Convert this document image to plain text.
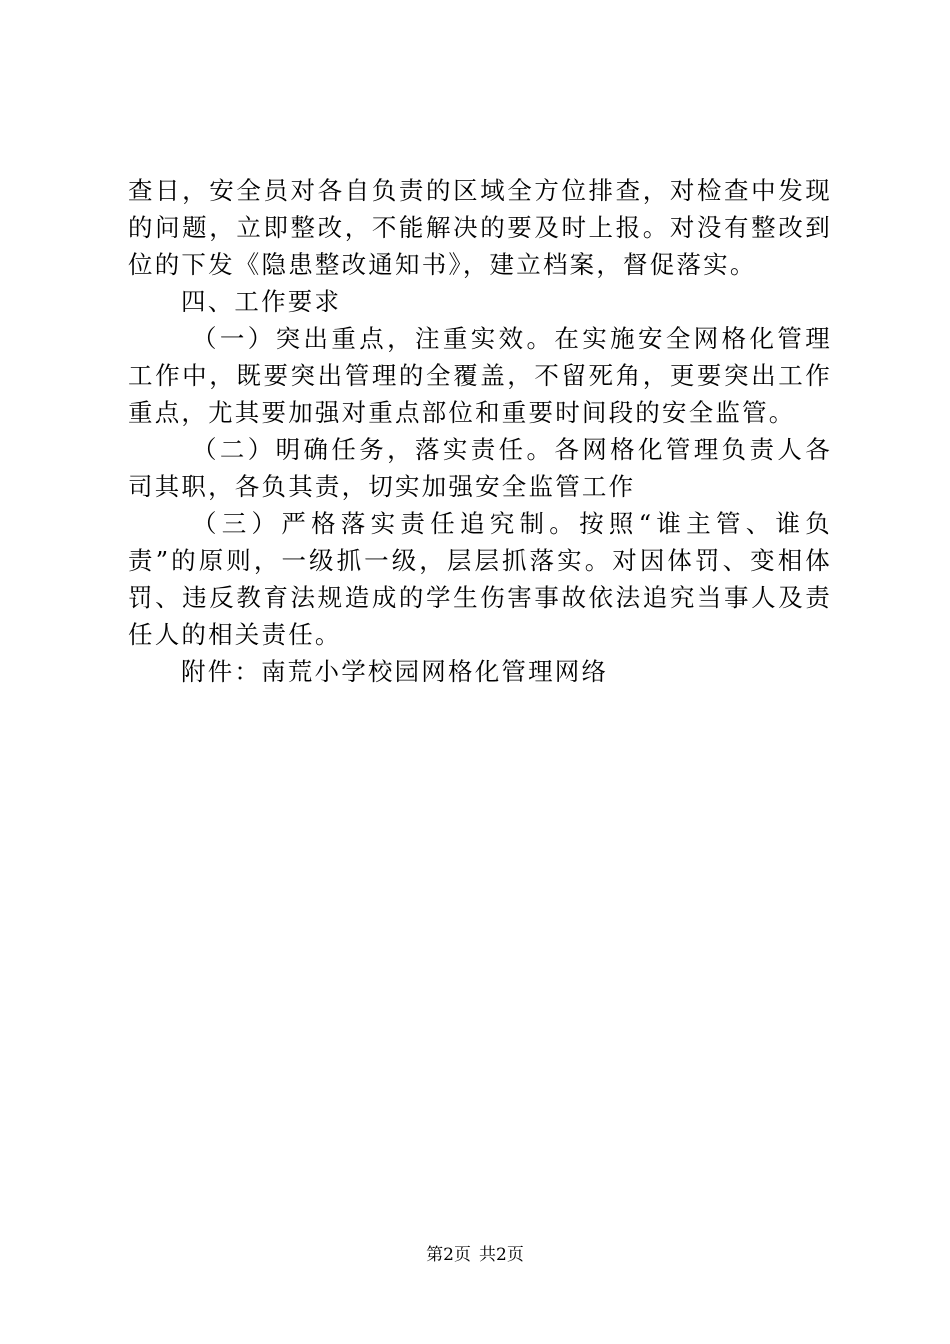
查日，安全员对各自负责的区域全方位排查，对检查中发现的问题，立即整改，不能解决的要及时上报。对没有整改到位的下发《隐患整改通知书》，建立档案，督促落实。

四、工作要求

（一）突出重点，注重实效。在实施安全网格化管理工作中，既要突出管理的全覆盖，不留死角，更要突出工作重点，尤其要加强对重点部位和重要时间段的安全监管。

（二）明确任务，落实责任。各网格化管理负责人各司其职，各负其责，切实加强安全监管工作

（三）严格落实责任追究制。按照“谁主管、谁负责”的原则，一级抓一级，层层抓落实。对因体罚、变相体罚、违反教育法规造成的学生伤害事故依法追究当事人及责任人的相关责任。

附件：南荒小学校园网格化管理网络

第2页 共2页
